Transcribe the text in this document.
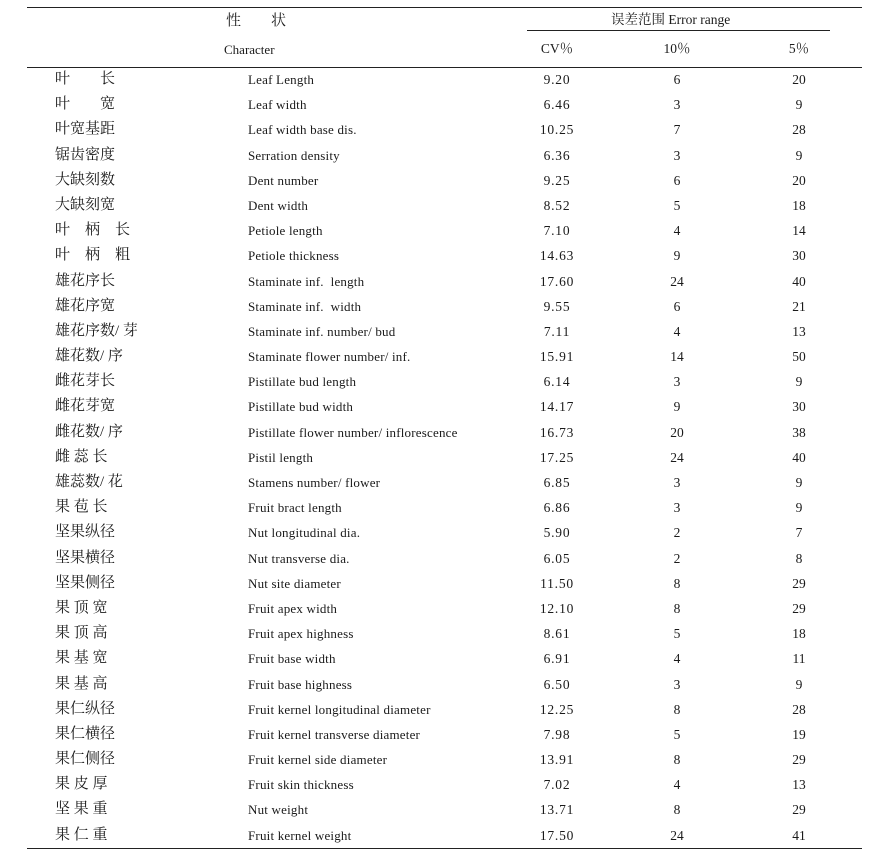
性　　状	误差范围 Error range
Character	CV％	10％	5％
叶　　长	Leaf Length	9.20	6	20
叶　　宽	Leaf width	6.46	3	9
叶宽基距	Leaf width base dis.	10.25	7	28
锯齿密度	Serration density	6.36	3	9
大缺刻数	Dent number	9.25	6	20
大缺刻宽	Dent width	8.52	5	18
叶　柄　长	Petiole length	7.10	4	14
叶　柄　粗	Petiole thickness	14.63	9	30
雄花序长	Staminate inf.  length	17.60	24	40
雄花序宽	Staminate inf.  width	9.55	6	21
雄花序数/ 芽	Staminate inf. number/ bud	7.11	4	13
雄花数/ 序	Staminate flower number/ inf.	15.91	14	50
雌花芽长	Pistillate bud length	6.14	3	9
雌花芽宽	Pistillate bud width	14.17	9	30
雌花数/ 序	Pistillate flower number/ inflorescence	16.73	20	38
雌 蕊 长	Pistil length	17.25	24	40
雄蕊数/ 花	Stamens number/ flower	6.85	3	9
果 苞 长	Fruit bract length	6.86	3	9
坚果纵径	Nut longitudinal dia.	5.90	2	7
坚果横径	Nut transverse dia.	6.05	2	8
坚果侧径	Nut site diameter	11.50	8	29
果 顶 宽	Fruit apex width	12.10	8	29
果 顶 高	Fruit apex highness	8.61	5	18
果 基 宽	Fruit base width	6.91	4	11
果 基 高	Fruit base highness	6.50	3	9
果仁纵径	Fruit kernel longitudinal diameter	12.25	8	28
果仁横径	Fruit kernel transverse diameter	7.98	5	19
果仁侧径	Fruit kernel side diameter	13.91	8	29
果 皮 厚	Fruit skin thickness	7.02	4	13
坚 果 重	Nut weight	13.71	8	29
果 仁 重	Fruit kernel weight	17.50	24	41
